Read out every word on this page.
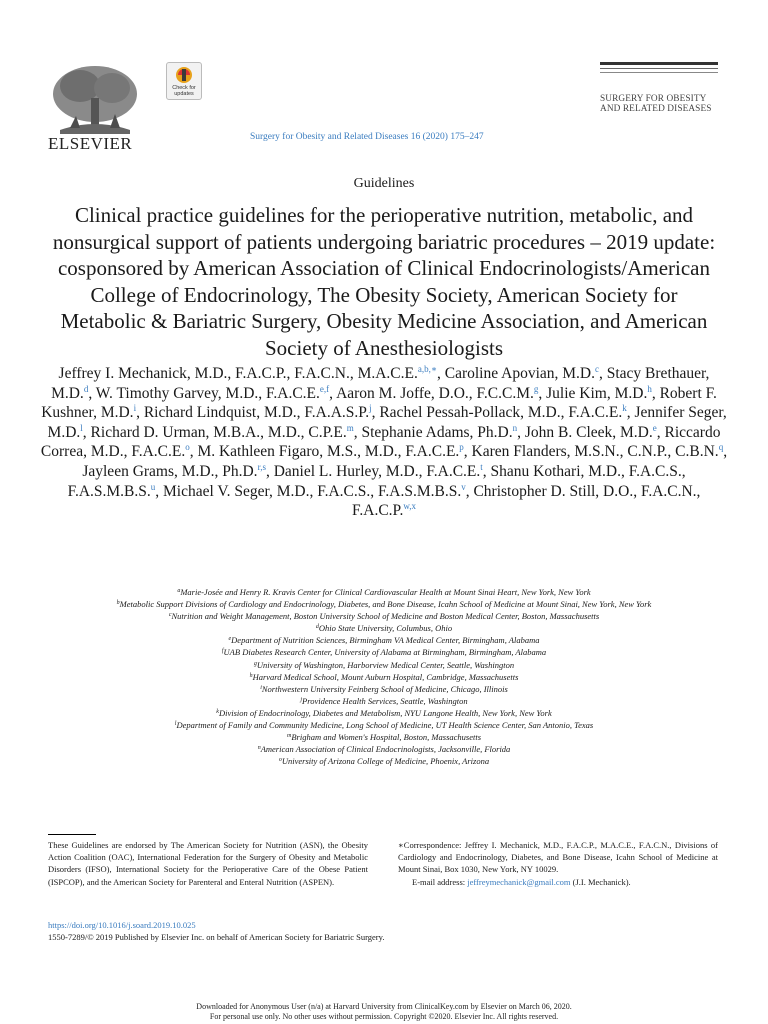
ELSEVIER
Check for updates
Surgery for Obesity and Related Diseases 16 (2020) 175–247
SURGERY FOR OBESITY
AND RELATED DISEASES
Guidelines
Clinical practice guidelines for the perioperative nutrition, metabolic, and nonsurgical support of patients undergoing bariatric procedures – 2019 update: cosponsored by American Association of Clinical Endocrinologists/American College of Endocrinology, The Obesity Society, American Society for Metabolic & Bariatric Surgery, Obesity Medicine Association, and American Society of Anesthesiologists
Jeffrey I. Mechanick, M.D., F.A.C.P., F.A.C.N., M.A.C.E.$^{a,b,∗}$, Caroline Apovian, M.D.$^c$, Stacy Brethauer, M.D.$^d$, W. Timothy Garvey, M.D., F.A.C.E.$^{e,f}$, Aaron M. Joffe, D.O., F.C.C.M.$^g$, Julie Kim, M.D.$^h$, Robert F. Kushner, M.D.$^i$, Richard Lindquist, M.D., F.A.A.S.P.$^j$, Rachel Pessah-Pollack, M.D., F.A.C.E.$^k$, Jennifer Seger, M.D.$^l$, Richard D. Urman, M.B.A., M.D., C.P.E.$^m$, Stephanie Adams, Ph.D.$^n$, John B. Cleek, M.D.$^e$, Riccardo Correa, M.D., F.A.C.E.$^o$, M. Kathleen Figaro, M.S., M.D., F.A.C.E.$^p$, Karen Flanders, M.S.N., C.N.P., C.B.N.$^q$, Jayleen Grams, M.D., Ph.D.$^{r,s}$, Daniel L. Hurley, M.D., F.A.C.E.$^t$, Shanu Kothari, M.D., F.A.C.S., F.A.S.M.B.S.$^u$, Michael V. Seger, M.D., F.A.C.S., F.A.S.M.B.S.$^v$, Christopher D. Still, D.O., F.A.C.N., F.A.C.P.$^{w,x}$
$^a$Marie-Josée and Henry R. Kravis Center for Clinical Cardiovascular Health at Mount Sinai Heart, New York, New York
$^b$Metabolic Support Divisions of Cardiology and Endocrinology, Diabetes, and Bone Disease, Icahn School of Medicine at Mount Sinai, New York, New York
$^c$Nutrition and Weight Management, Boston University School of Medicine and Boston Medical Center, Boston, Massachusetts
$^d$Ohio State University, Columbus, Ohio
$^e$Department of Nutrition Sciences, Birmingham VA Medical Center, Birmingham, Alabama
$^f$UAB Diabetes Research Center, University of Alabama at Birmingham, Birmingham, Alabama
$^g$University of Washington, Harborview Medical Center, Seattle, Washington
$^h$Harvard Medical School, Mount Auburn Hospital, Cambridge, Massachusetts
$^i$Northwestern University Feinberg School of Medicine, Chicago, Illinois
$^j$Providence Health Services, Seattle, Washington
$^k$Division of Endocrinology, Diabetes and Metabolism, NYU Langone Health, New York, New York
$^l$Department of Family and Community Medicine, Long School of Medicine, UT Health Science Center, San Antonio, Texas
$^m$Brigham and Women's Hospital, Boston, Massachusetts
$^n$American Association of Clinical Endocrinologists, Jacksonville, Florida
$^o$University of Arizona College of Medicine, Phoenix, Arizona
These Guidelines are endorsed by The American Society for Nutrition (ASN), the Obesity Action Coalition (OAC), International Federation for the Surgery of Obesity and Metabolic Disorders (IFSO), International Society for the Perioperative Care of the Obese Patient (ISPCOP), and the American Society for Parenteral and Enteral Nutrition (ASPEN).
∗Correspondence: Jeffrey I. Mechanick, M.D., F.A.C.P., M.A.C.E., F.A.C.N., Divisions of Cardiology and Endocrinology, Diabetes, and Bone Disease, Icahn School of Medicine at Mount Sinai, Box 1030, New York, NY 10029.
E-mail address: jeffreymechanick@gmail.com (J.I. Mechanick).
https://doi.org/10.1016/j.soard.2019.10.025
1550-7289/© 2019 Published by Elsevier Inc. on behalf of American Society for Bariatric Surgery.
Downloaded for Anonymous User (n/a) at Harvard University from ClinicalKey.com by Elsevier on March 06, 2020.
For personal use only. No other uses without permission. Copyright ©2020. Elsevier Inc. All rights reserved.
